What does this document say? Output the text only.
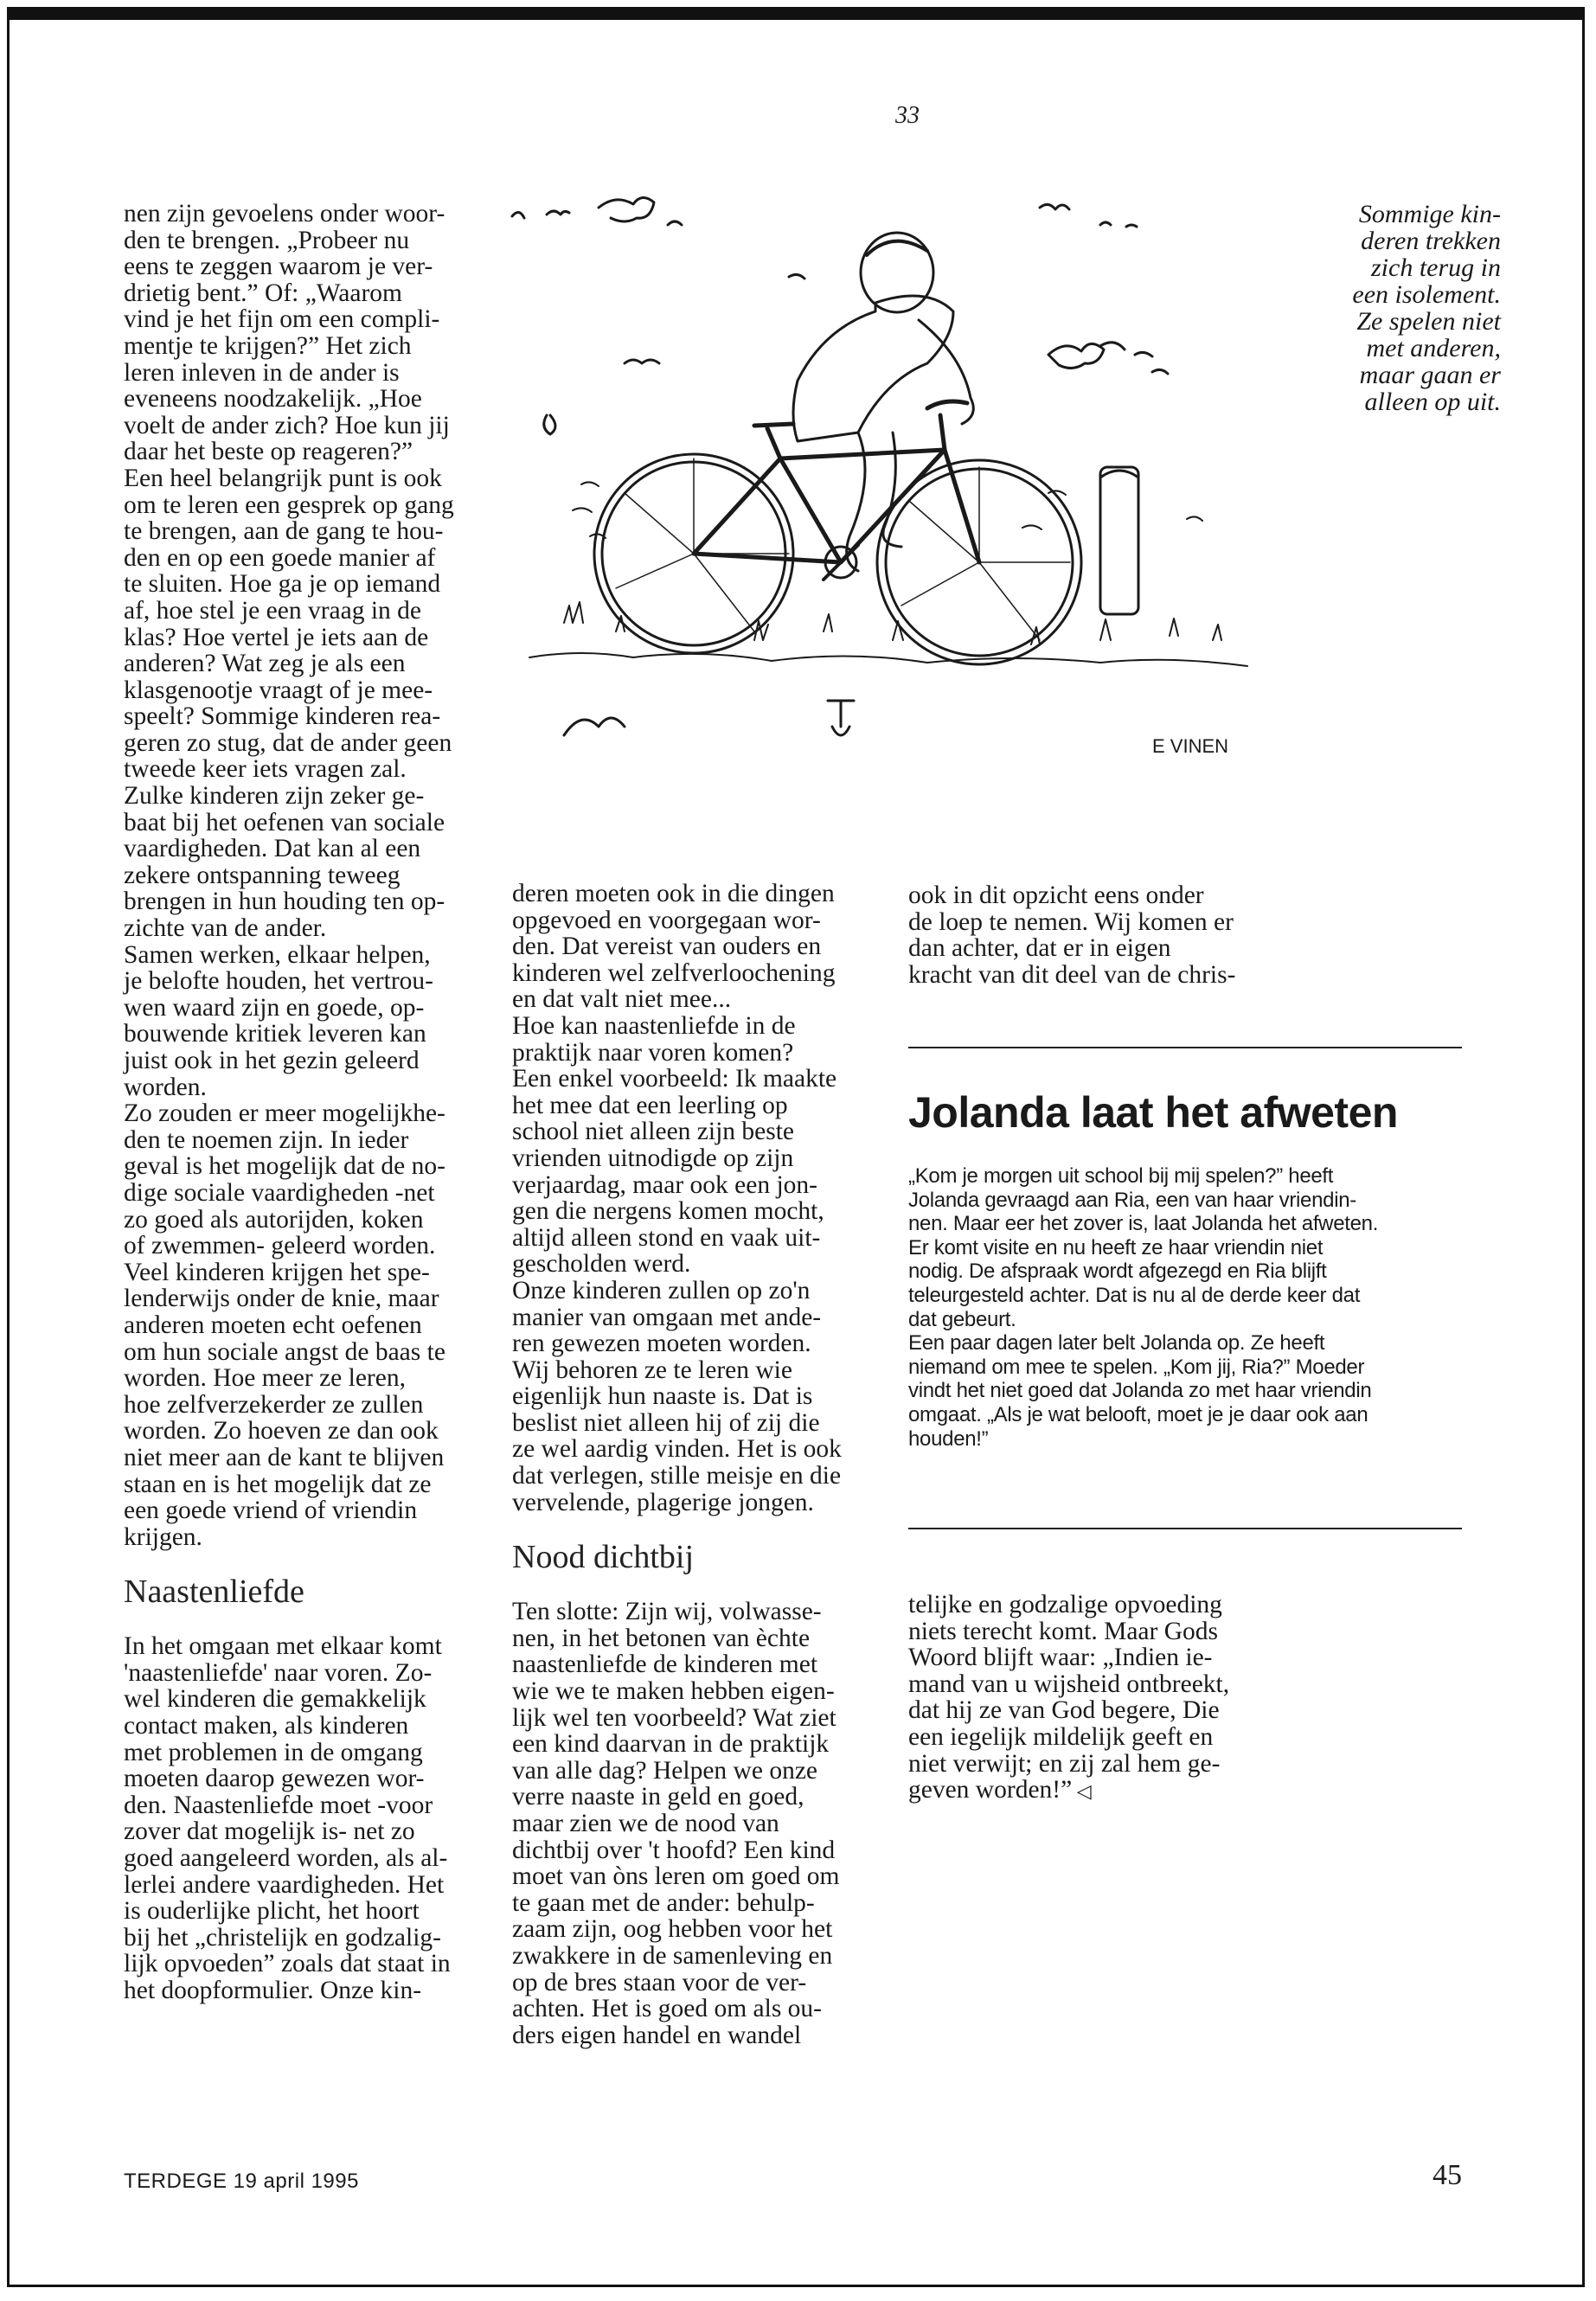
33

nen zijn gevoelens onder woor-

den te brengen. „Probeer nu

eens te zeggen waarom je ver-

drietig bent.” Of: „Waarom

vind je het fijn om een compli-

mentje te krijgen?” Het zich

leren inleven in de ander is

eveneens noodzakelijk. „Hoe

voelt de ander zich? Hoe kun jij

daar het beste op reageren?”

Een heel belangrijk punt is ook

om te leren een gesprek op gang

te brengen, aan de gang te hou-

den en op een goede manier af

te sluiten. Hoe ga je op iemand

af, hoe stel je een vraag in de

klas? Hoe vertel je iets aan de

anderen? Wat zeg je als een

klasgenootje vraagt of je mee-

speelt? Sommige kinderen rea-

geren zo stug, dat de ander geen

tweede keer iets vragen zal.

Zulke kinderen zijn zeker ge-

baat bij het oefenen van sociale

vaardigheden. Dat kan al een

zekere ontspanning teweeg

brengen in hun houding ten op-

zichte van de ander.

Samen werken, elkaar helpen,

je belofte houden, het vertrou-

wen waard zijn en goede, op-

bouwende kritiek leveren kan

juist ook in het gezin geleerd

worden.

Zo zouden er meer mogelijkhe-

den te noemen zijn. In ieder

geval is het mogelijk dat de no-

dige sociale vaardigheden -net

zo goed als autorijden, koken

of zwemmen- geleerd worden.

Veel kinderen krijgen het spe-

lenderwijs onder de knie, maar

anderen moeten echt oefenen

om hun sociale angst de baas te

worden. Hoe meer ze leren,

hoe zelfverzekerder ze zullen

worden. Zo hoeven ze dan ook

niet meer aan de kant te blijven

staan en is het mogelijk dat ze

een goede vriend of vriendin

krijgen.

Naastenliefde

In het omgaan met elkaar komt

'naastenliefde' naar voren. Zo-

wel kinderen die gemakkelijk

contact maken, als kinderen

met problemen in de omgang

moeten daarop gewezen wor-

den. Naastenliefde moet -voor

zover dat mogelijk is- net zo

goed aangeleerd worden, als al-

lerlei andere vaardigheden. Het

is ouderlijke plicht, het hoort

bij het „christelijk en godzalig-

lijk opvoeden” zoals dat staat in

het doopformulier. Onze kin-

E VINEN

Sommige kin-

deren trekken

zich terug in

een isolement.

Ze spelen niet

met anderen,

maar gaan er

alleen op uit.

deren moeten ook in die dingen

opgevoed en voorgegaan wor-

den. Dat vereist van ouders en

kinderen wel zelfverloochening

en dat valt niet mee...

Hoe kan naastenliefde in de

praktijk naar voren komen?

Een enkel voorbeeld: Ik maakte

het mee dat een leerling op

school niet alleen zijn beste

vrienden uitnodigde op zijn

verjaardag, maar ook een jon-

gen die nergens komen mocht,

altijd alleen stond en vaak uit-

gescholden werd.

Onze kinderen zullen op zo'n

manier van omgaan met ande-

ren gewezen moeten worden.

Wij behoren ze te leren wie

eigenlijk hun naaste is. Dat is

beslist niet alleen hij of zij die

ze wel aardig vinden. Het is ook

dat verlegen, stille meisje en die

vervelende, plagerige jongen.

Nood dichtbij

Ten slotte: Zijn wij, volwasse-

nen, in het betonen van èchte

naastenliefde de kinderen met

wie we te maken hebben eigen-

lijk wel ten voorbeeld? Wat ziet

een kind daarvan in de praktijk

van alle dag? Helpen we onze

verre naaste in geld en goed,

maar zien we de nood van

dichtbij over 't hoofd? Een kind

moet van òns leren om goed om

te gaan met de ander: behulp-

zaam zijn, oog hebben voor het

zwakkere in de samenleving en

op de bres staan voor de ver-

achten. Het is goed om als ou-

ders eigen handel en wandel

ook in dit opzicht eens onder

de loep te nemen. Wij komen er

dan achter, dat er in eigen

kracht van dit deel van de chris-

Jolanda laat het afweten

„Kom je morgen uit school bij mij spelen?” heeft

Jolanda gevraagd aan Ria, een van haar vriendin-

nen. Maar eer het zover is, laat Jolanda het afweten.

Er komt visite en nu heeft ze haar vriendin niet

nodig. De afspraak wordt afgezegd en Ria blijft

teleurgesteld achter. Dat is nu al de derde keer dat

dat gebeurt.

Een paar dagen later belt Jolanda op. Ze heeft

niemand om mee te spelen. „Kom jij, Ria?” Moeder

vindt het niet goed dat Jolanda zo met haar vriendin

omgaat. „Als je wat belooft, moet je je daar ook aan

houden!”

telijke en godzalige opvoeding

niets terecht komt. Maar Gods

Woord blijft waar: „Indien ie-

mand van u wijsheid ontbreekt,

dat hij ze van God begere, Die

een iegelijk mildelijk geeft en

niet verwijt; en zij zal hem ge-

geven worden!” ◁

TERDEGE 19 april 1995	45
